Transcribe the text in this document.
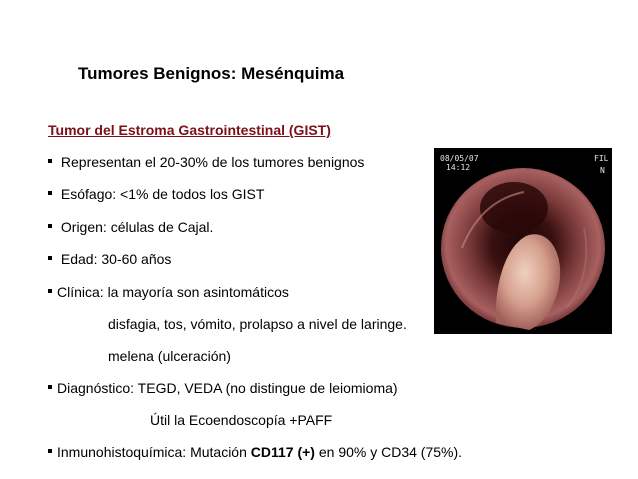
Tumores Benignos: Mesénquima
Tumor del Estroma Gastrointestinal (GIST)
Representan el 20-30% de los tumores benignos
Esófago: <1% de todos los GIST
Origen: células de Cajal.
Edad: 30-60 años
Clínica: la mayoría son asintomáticos
disfagia, tos, vómito, prolapso a nivel de laringe.
melena (ulceración)
Diagnóstico: TEGD, VEDA (no distingue de leiomioma)
Útil la Ecoendoscopía +PAFF
Inmunohistoquímica: Mutación CD117 (+) en 90% y CD34 (75%).
08/05/07
14:12
FIL
N
